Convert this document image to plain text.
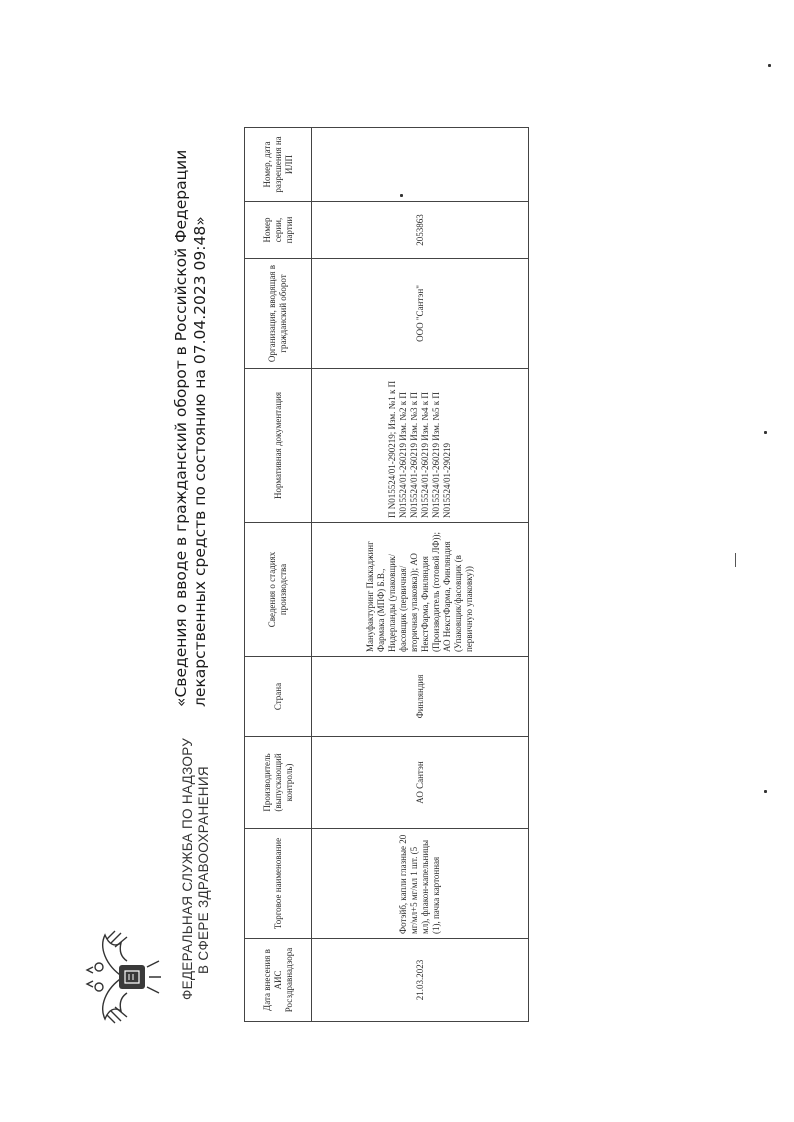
ФЕДЕРАЛЬНАЯ СЛУЖБА ПО НАДЗОРУ В СФЕРЕ ЗДРАВООХРАНЕНИЯ
«Сведения о вводе в гражданский оборот в Российской Федерации лекарственных средств по состоянию на 07.04.2023 09:48»
Дата внесения в АИС Росздравнадзора	Торговое наименование	Производитель (выпускающий контроль)	Страна	Сведения о стадиях производства	Нормативная документация	Организация, вводящая в гражданский оборот	Номер серии, партии	Номер, дата разрешения на ИЛП
21.03.2023	Фотэйб, капли глазные 20 мг/мл+5 мг/мл 1 шт. (5 мл), флакон-капельницы (1), пачка картонная	АО Сантэн	Финляндия	Мануфактуринг Паккаджинг Фармака (МПФ) Б.В., Нидерланды (упаковщик/фасовщик (первичная/вторичная упаковка)); АО НекстФарма, Финляндия (Производитель (готовой ЛФ)); АО НекстФарма, Финляндия (Упаковщик/фасовщик (в первичную упаковку))	П N015524/01-290219; Изм. №1 к П N015524/01-260219 Изм. №2 к П N015524/01-260219 Изм. №3 к П N015524/01-260219 Изм. №4 к П N015524/01-260219 Изм. №5 к П N015524/01-290219	ООО "Сантэн"	2053863	
